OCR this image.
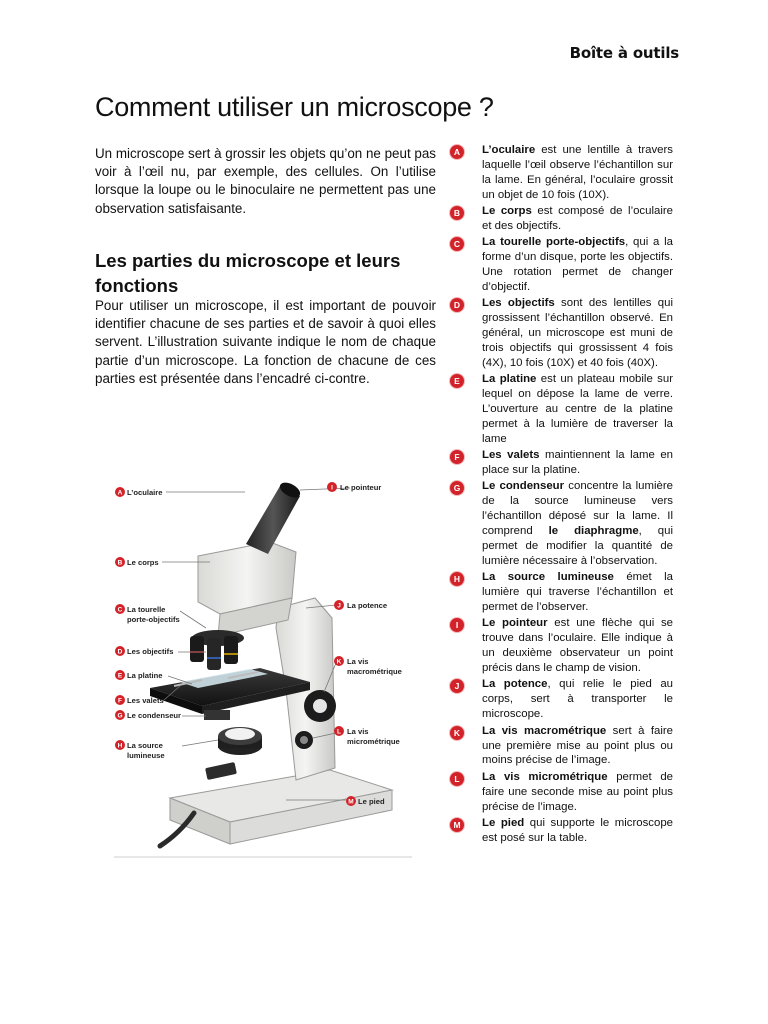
Boîte à outils
Comment utiliser un microscope ?

Un microscope sert à grossir les objets qu’on ne peut pas voir à l’œil nu, par exemple, des cellules. On l’utilise lorsque la loupe ou le binoculaire ne permettent pas une observation satisfaisante.

Les parties du microscope et leurs fonctions

Pour utiliser un microscope, il est important de pouvoir identifier chacune de ses parties et de savoir à quoi elles servent. L’illustration suivante indique le nom de chaque partie d’un microscope. La fonction de chacune de ces parties est présentée dans l’encadré ci-contre.

A L’oculaire
B Le corps
C La tourelle
porte-objectifs
D Les objectifs
E La platine
F Les valets
G Le condenseur
H La source
lumineuse
I Le pointeur
J La potence
K La vis
macrométrique
L La vis
micrométrique
M Le pied
A	L’oculaire est une lentille à travers laquelle l’œil observe l’échantillon sur la lame. En général, l’oculaire grossit un objet de 10 fois (10X).
B	Le corps est composé de l’oculaire et des objectifs.
C	La tourelle porte-objectifs, qui a la forme d’un disque, porte les objectifs. Une rotation permet de changer d’objectif.
D	Les objectifs sont des lentilles qui grossissent l’échantillon observé. En général, un microscope est muni de trois objectifs qui grossissent 4 fois (4X), 10 fois (10X) et 40 fois (40X).
E	La platine est un plateau mobile sur lequel on dépose la lame de verre. L’ouverture au centre de la platine permet à la lumière de traverser la lame
F	Les valets maintiennent la lame en place sur la platine.
G	Le condenseur concentre la lumière de la source lumineuse vers l’échantillon déposé sur la lame. Il comprend le diaphragme, qui permet de modifier la quantité de lumière nécessaire à l’observation.
H	La source lumineuse émet la lumière qui traverse l’échantillon et permet de l’observer.
I	Le pointeur est une flèche qui se trouve dans l’oculaire. Elle indique à un deuxième observateur un point précis dans le champ de vision.
J	La potence, qui relie le pied au corps, sert à transporter le microscope.
K	La vis macrométrique sert à faire une première mise au point plus ou moins précise de l’image.
L	La vis micrométrique permet de faire une seconde mise au point plus précise de l’image.
M	Le pied qui supporte le microscope est posé sur la table.
